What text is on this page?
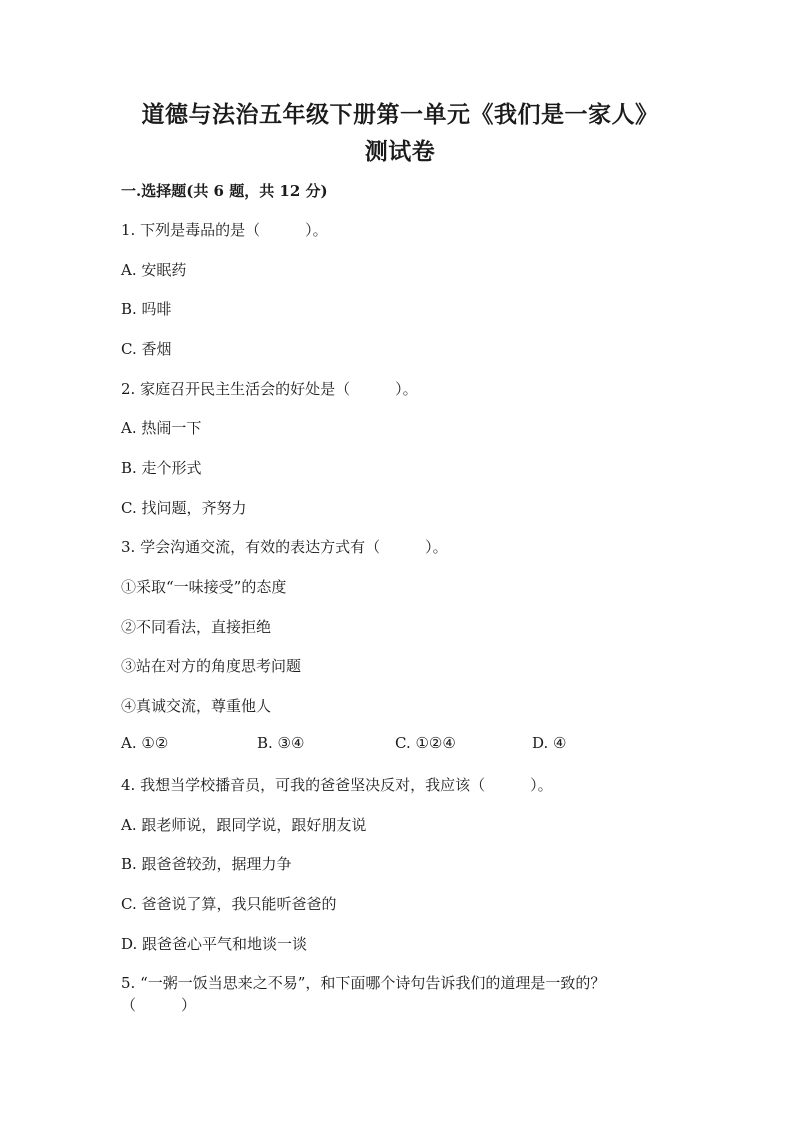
道德与法治五年级下册第一单元《我们是一家人》
测试卷
一.选择题(共 6 题，共 12 分)
1. 下列是毒品的是（　　　）。
A. 安眠药
B. 吗啡
C. 香烟
2. 家庭召开民主生活会的好处是（　　　）。
A. 热闹一下
B. 走个形式
C. 找问题，齐努力
3. 学会沟通交流，有效的表达方式有（　　　）。
①采取“一味接受”的态度
②不同看法，直接拒绝
③站在对方的角度思考问题
④真诚交流，尊重他人
A. ①②	B. ③④	C. ①②④	D. ④
4. 我想当学校播音员，可我的爸爸坚决反对，我应该（　　　）。
A. 跟老师说，跟同学说，跟好朋友说
B. 跟爸爸较劲，据理力争
C. 爸爸说了算，我只能听爸爸的
D. 跟爸爸心平气和地谈一谈
5. “一粥一饭当思来之不易”，和下面哪个诗句告诉我们的道理是一致的？
（　　　）
